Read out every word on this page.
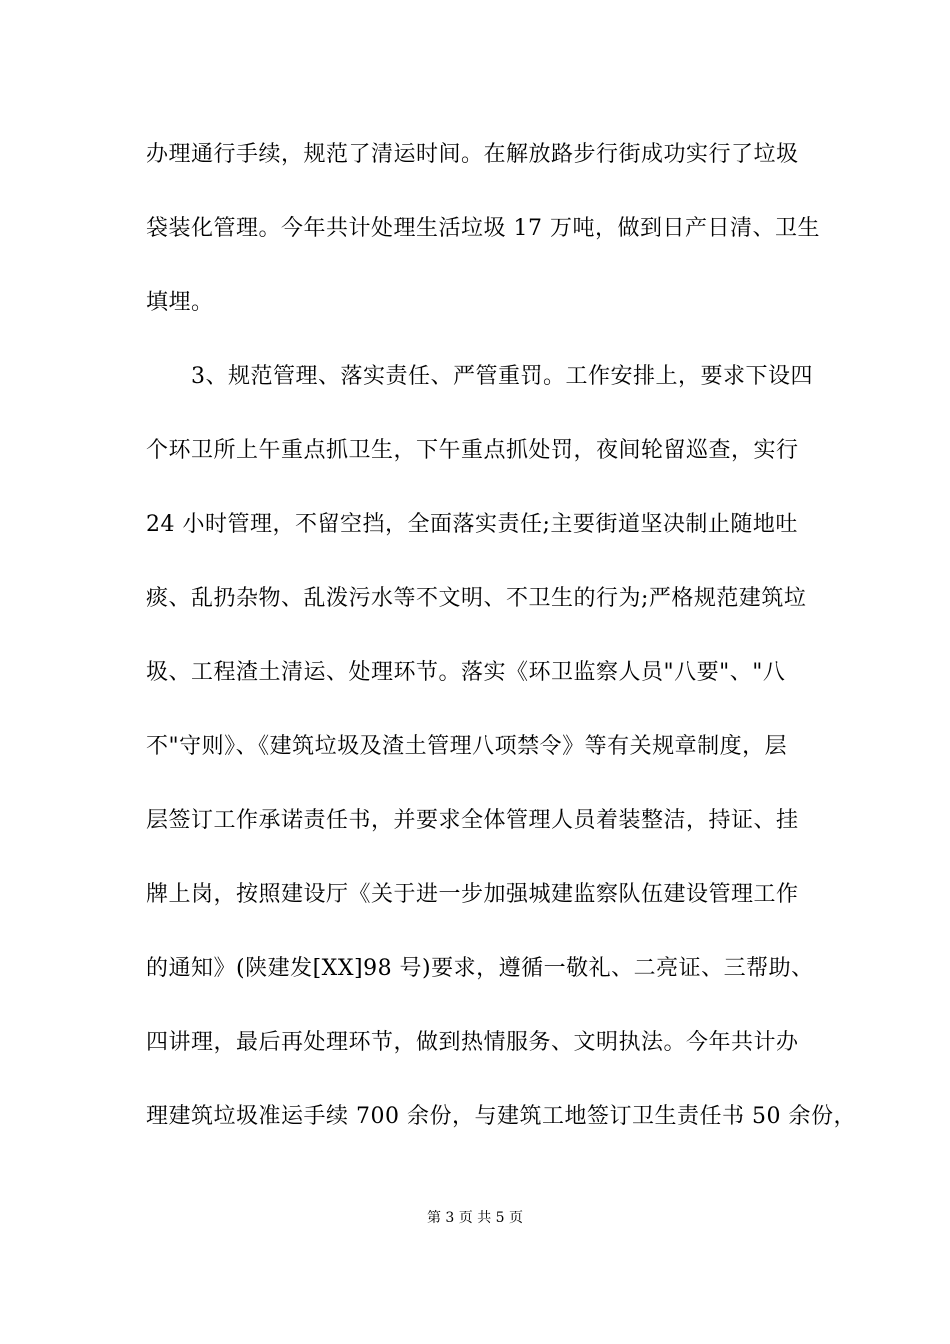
办理通行手续，规范了清运时间。在解放路步行街成功实行了垃圾
袋装化管理。今年共计处理生活垃圾 17 万吨，做到日产日清、卫生
填埋。
　　3、规范管理、落实责任、严管重罚。工作安排上，要求下设四
个环卫所上午重点抓卫生，下午重点抓处罚，夜间轮留巡查，实行
24 小时管理，不留空挡，全面落实责任;主要街道坚决制止随地吐
痰、乱扔杂物、乱泼污水等不文明、不卫生的行为;严格规范建筑垃
圾、工程渣土清运、处理环节。落实《环卫监察人员"八要"、"八
不"守则》、《建筑垃圾及渣土管理八项禁令》等有关规章制度，层
层签订工作承诺责任书，并要求全体管理人员着装整洁，持证、挂
牌上岗，按照建设厅《关于进一步加强城建监察队伍建设管理工作
的通知》(陕建发[XX]98 号)要求，遵循一敬礼、二亮证、三帮助、
四讲理，最后再处理环节，做到热情服务、文明执法。今年共计办
理建筑垃圾准运手续 700 余份，与建筑工地签订卫生责任书 50 余份，
第 3 页 共 5 页
